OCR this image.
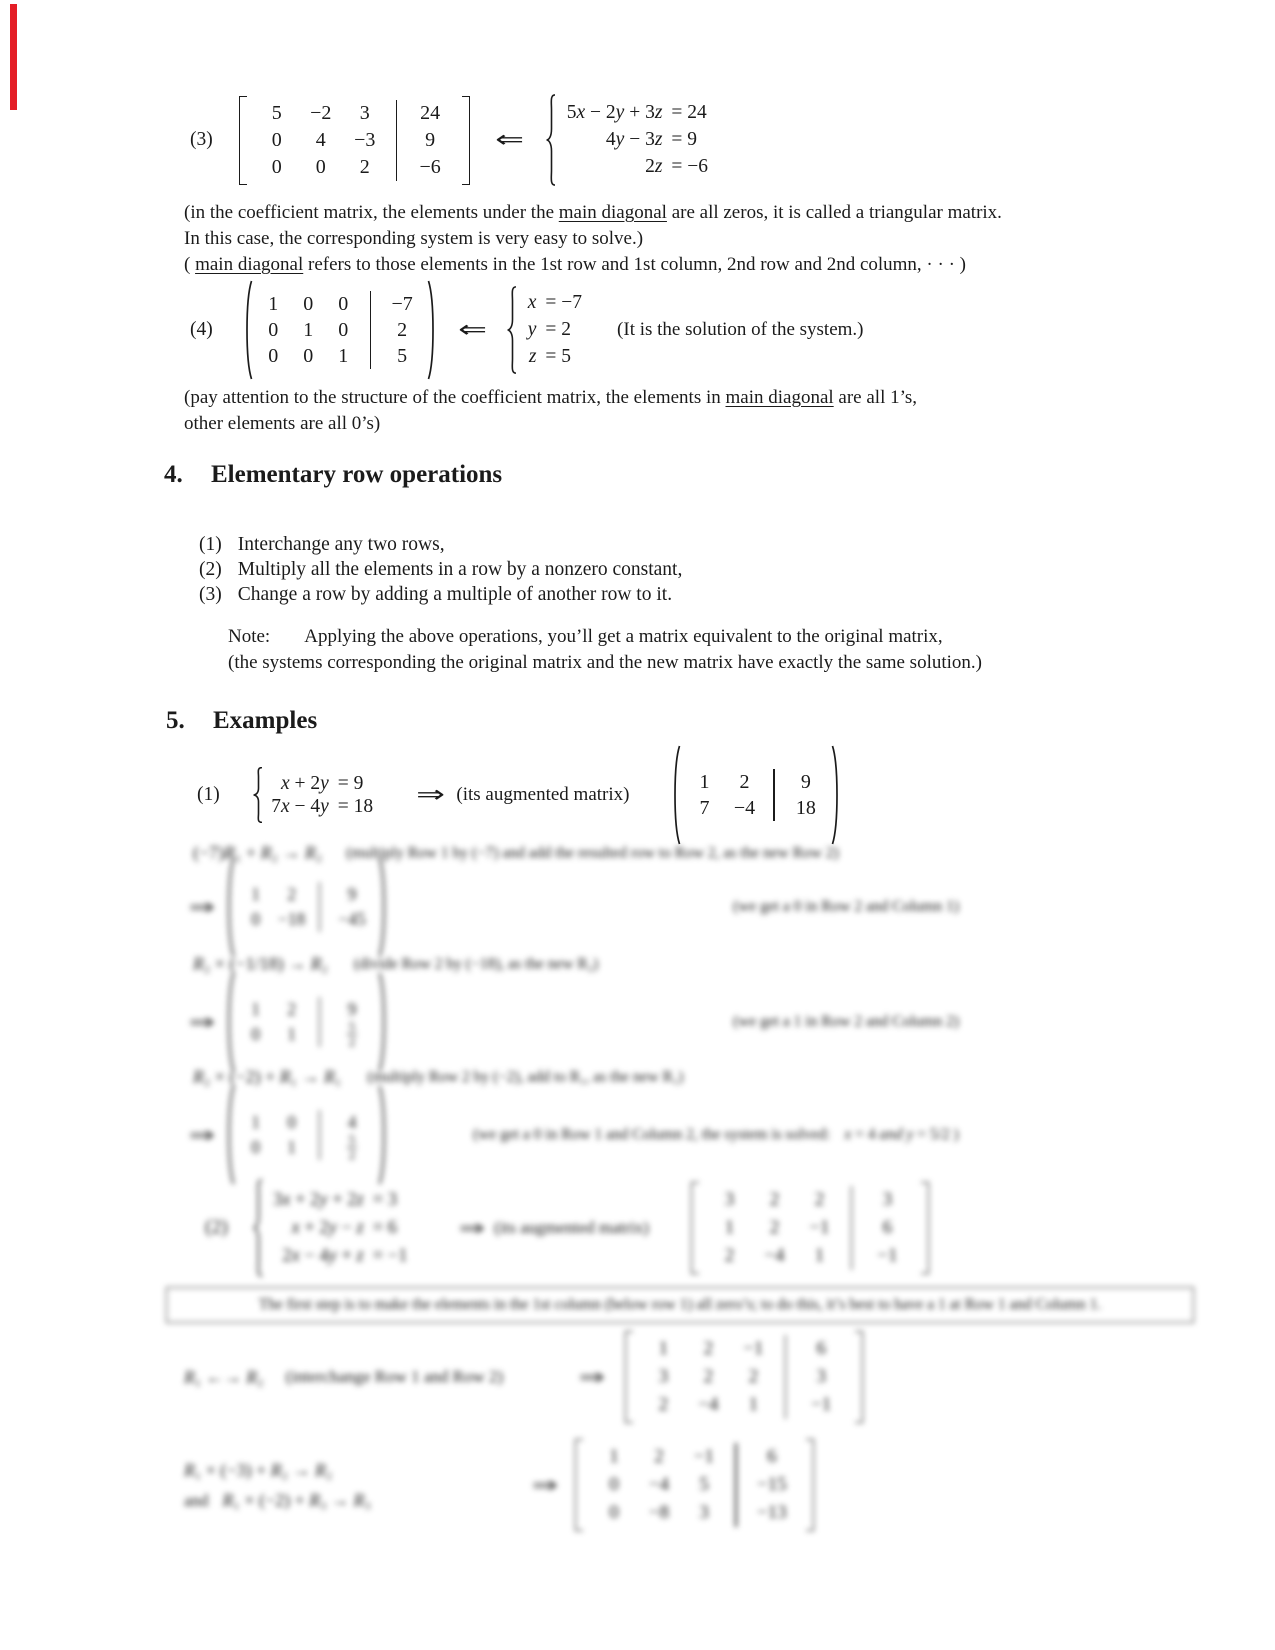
(3)
5	−2	3	24
0	4	−3	9
0	0	2	−6
⇐
5x − 2y + 3z = 24
4y − 3z = 9
2z = −6
(in the coefficient matrix, the elements under the main diagonal are all zeros, it is called a triangular matrix.
In this case, the corresponding system is very easy to solve.)
( main diagonal refers to those elements in the 1st row and 1st column, 2nd row and 2nd column, · · · )
(4)
1	0	0	−7
0	1	0	2
0	0	1	5
⇐
x = −7
y = 2
z = 5
(It is the solution of the system.)
(pay attention to the structure of the coefficient matrix, the elements in main diagonal are all 1’s,
other elements are all 0’s)
4. Elementary row operations
(1) Interchange any two rows,
(2) Multiply all the elements in a row by a nonzero constant,
(3) Change a row by adding a multiple of another row to it.
Note: Applying the above operations, you’ll get a matrix equivalent to the original matrix,
(the systems corresponding the original matrix and the new matrix have exactly the same solution.)
5. Examples
(1)
x + 2y = 9
7x − 4y = 18 ⇒ (its augmented matrix)
1	2	9
7	−4	18
(−7)R₁ + R₂ → R₂ (multiply Row 1 by (−7) and add the resulted row to Row 2, as the new Row 2)
⇒
1	2	9
0	−18	−45
(we get a 0 in Row 2 and Column 1)
R₂ × (−1/18) → R₂ (divide Row 2 by (−18), as the new R₂)
⇒
1	2	9
0	1	$\frac{5}{2}$	(we get a 1 in Row 2 and Column 2)
R₂ × (−2) + R₁ → R₁ (multiply Row 2 by (−2), add to R₁, as the new R₁)
⇒
1	0	4
0	1	$\frac{5}{2}$	(we get a 0 in Row 1 and Column 2, the system is solved: x = 4 and y = 5/2 )
(2)
3x + 2y + 2z = 3
x + 2y − z = 6
2x − 4y + z = −1
⇒ (its augmented matrix)
3	2	2	3
1	2	−1	6
2	−4	1	−1
The first step is to make the elements in the 1st column (below row 1) all zero’s; to do this, it’s best to have a 1 at Row 1 and Column 1.
R₁ ←→ R₂ (interchange Row 1 and Row 2)	⇒
1	2	−1	6
3	2	2	3
2	−4	1	−1
R₁ × (−3) + R₂ → R₂
and R₁ × (−2) + R₃ → R₃
⇒
1	2	−1	6
0	−4	5	−15
0	−8	3	−13
